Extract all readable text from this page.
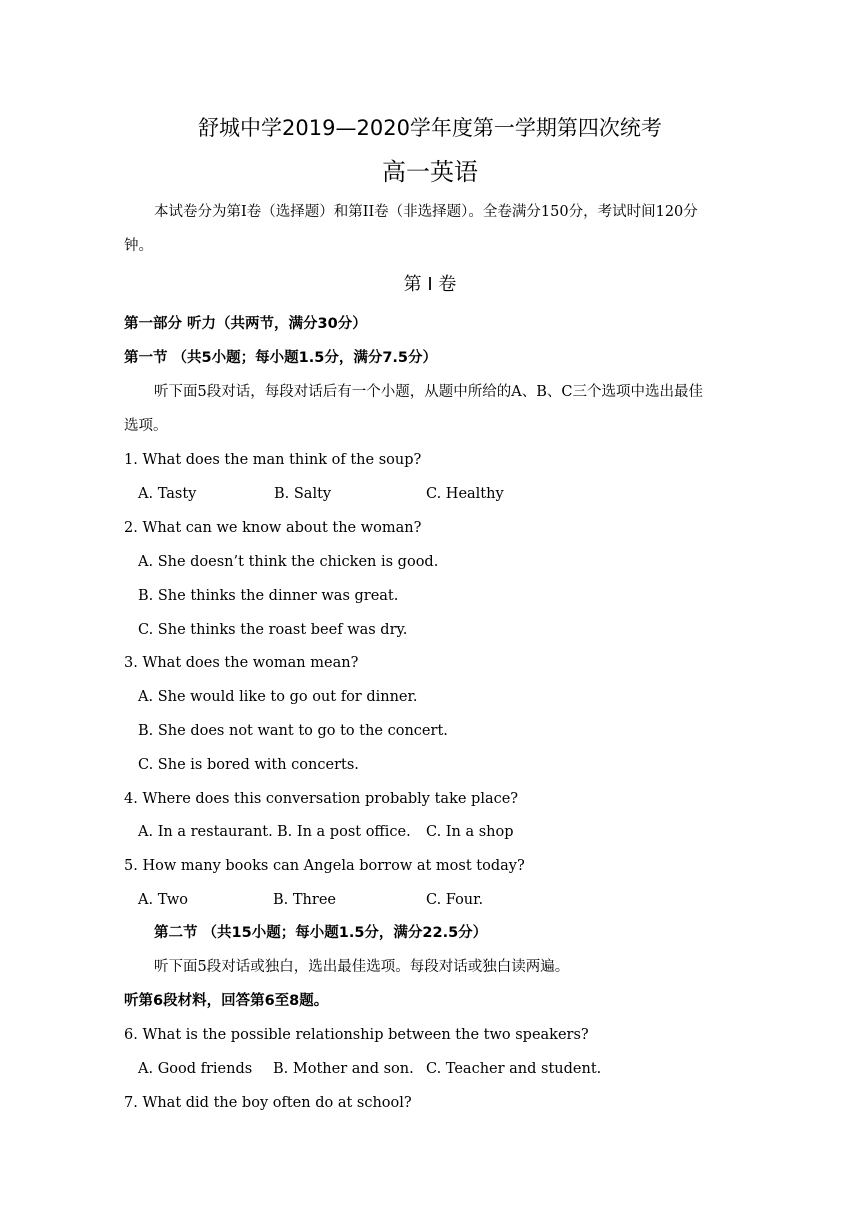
舒城中学2019—2020学年度第一学期第四次统考
高一英语
本试卷分为第I卷（选择题）和第II卷（非选择题）。全卷满分150分，考试时间120分
钟。
第 I 卷
第一部分 听力（共两节，满分30分）
第一节 （共5小题；每小题1.5分，满分7.5分）
听下面5段对话，每段对话后有一个小题，从题中所给的A、B、C三个选项中选出最佳
选项。
1. What does the man think of the soup?
A. Tasty	B. Salty	C. Healthy
2. What can we know about the woman?
A. She doesn’t think the chicken is good.
B. She thinks the dinner was great.
C. She thinks the roast beef was dry.
3. What does the woman mean?
A. She would like to go out for dinner.
B. She does not want to go to the concert.
C. She is bored with concerts.
4. Where does this conversation probably take place?
A. In a restaurant. B. In a post office. C. In a shop
5. How many books can Angela borrow at most today?
A. Two	B. Three	C. Four.
第二节 （共15小题；每小题1.5分，满分22.5分）
听下面5段对话或独白，选出最佳选项。每段对话或独白读两遍。
听第6段材料，回答第6至8题。
6. What is the possible relationship between the two speakers?
A. Good friends B. Mother and son. C. Teacher and student.
7. What did the boy often do at school?
